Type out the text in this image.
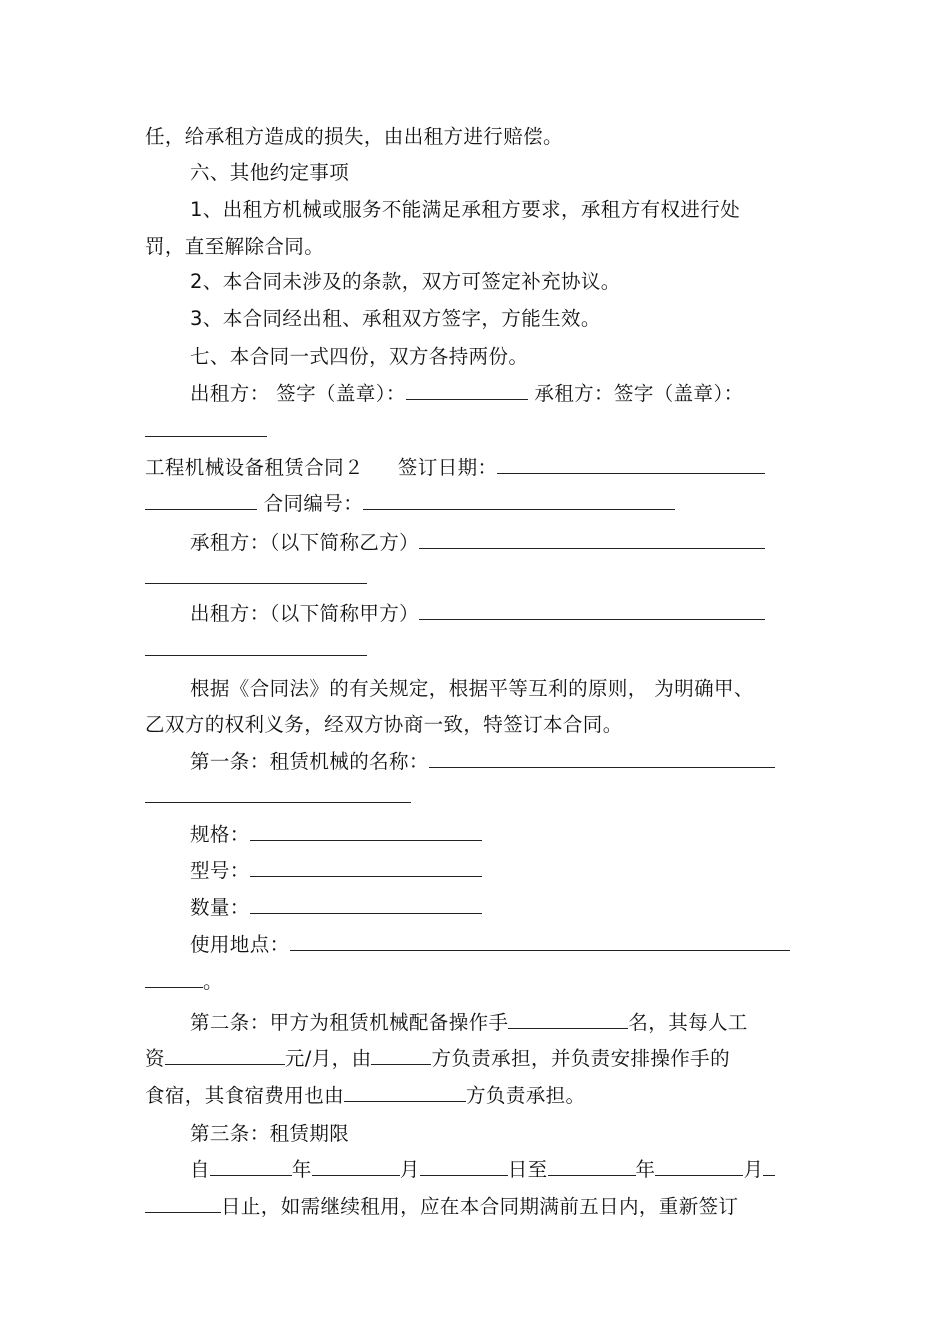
任，给承租方造成的损失，由出租方进行赔偿。
六、其他约定事项
1、出租方机械或服务不能满足承租方要求，承租方有权进行处
罚，直至解除合同。
2、本合同未涉及的条款，双方可签定补充协议。
3、本合同经出租、承租双方签字，方能生效。
七、本合同一式四份，双方各持两份。
出租方： 签字（盖章）：	承租方：签字（盖章）：
工程机械设备租赁合同２ 签订日期：
合同编号：
承租方：（以下简称乙方）
出租方：（以下简称甲方）
根据《合同法》的有关规定，根据平等互利的原则， 为明确甲、
乙双方的权利义务，经双方协商一致，特签订本合同。
第一条：租赁机械的名称：
规格：
型号：
数量：
使用地点：
。
第二条：甲方为租赁机械配备操作手	名，其每人工
资	元/月，由	方负责承担，并负责安排操作手的
食宿，其食宿费用也由	方负责承担。
第三条：租赁期限
自	年	月	日至	年	月
日止，如需继续租用，应在本合同期满前五日内，重新签订
